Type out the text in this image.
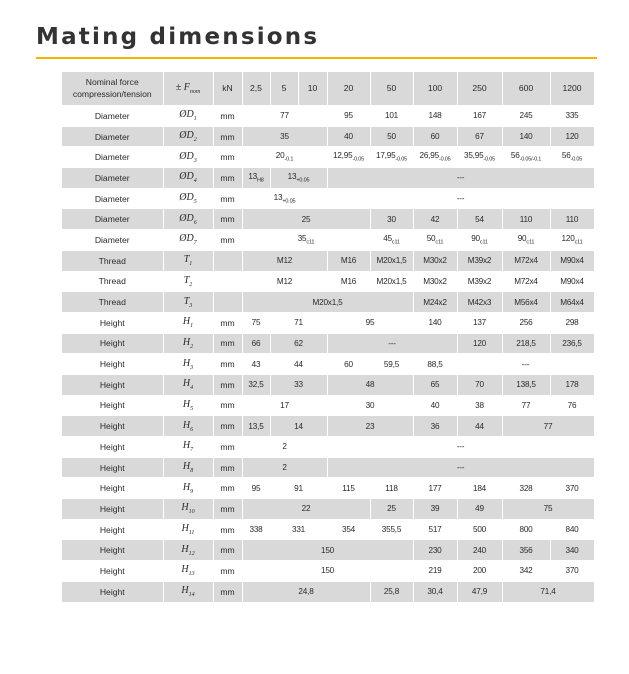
Mating dimensions
Nominal force
compression/tension	± $F_{nom}$	kN	2,5	5	10	20	50	100	250	600	1200
Diameter	$ØD_1$	mm	77			95	101	148	167	245	335
Diameter	$ØD_2$	mm	35			40	50	60	67	140	120
Diameter	$ØD_3$	mm	$20_{-0.1}$			$12,95_{-0.05}$	$17,95_{-0.05}$	$26,95_{-0.05}$	$35,95_{-0.05}$	$56_{-0.05/-0.1}$	$56_{-0.05}$
Diameter	$ØD_4$	mm	$13_{H8}$	$13_{+0.05}$		---					
Diameter	$ØD_5$	mm	$13_{+0.05}$			---					
Diameter	$ØD_6$	mm	25				30	42	54	110	110
Diameter	$ØD_7$	mm	$35_{c11}$				$45_{c11}$	$50_{c11}$	$90_{c11}$	$90_{c11}$	$120_{c11}$
Thread	$T_1$		M12			M16	M20x1,5	M30x2	M39x2	M72x4	M90x4
Thread	$T_2$		M12			M16	M20x1,5	M30x2	M39x2	M72x4	M90x4
Thread	$T_3$		M20x1,5					M24x2	M42x3	M56x4	M64x4
Height	$H_1$	mm	75	71		95		140	137	256	298
Height	$H_2$	mm	66	62		---			120	218,5	236,5
Height	$H_3$	mm	43	44		60	59,5	88,5	---		
Height	$H_4$	mm	32,5	33		48		65	70	138,5	178
Height	$H_5$	mm	17			30		40	38	77	76
Height	$H_6$	mm	13,5	14		23		36	44	77	
Height	$H_7$	mm	2			---					
Height	$H_8$	mm	2			---					
Height	$H_9$	mm	95	91		115	118	177	184	328	370
Height	$H_{10}$	mm	22				25	39	49	75	
Height	$H_{11}$	mm	338	331		354	355,5	517	500	800	840
Height	$H_{12}$	mm	150					230	240	356	340
Height	$H_{13}$	mm	150					219	200	342	370
Height	$H_{14}$	mm	24,8				25,8	30,4	47,9	71,4	
